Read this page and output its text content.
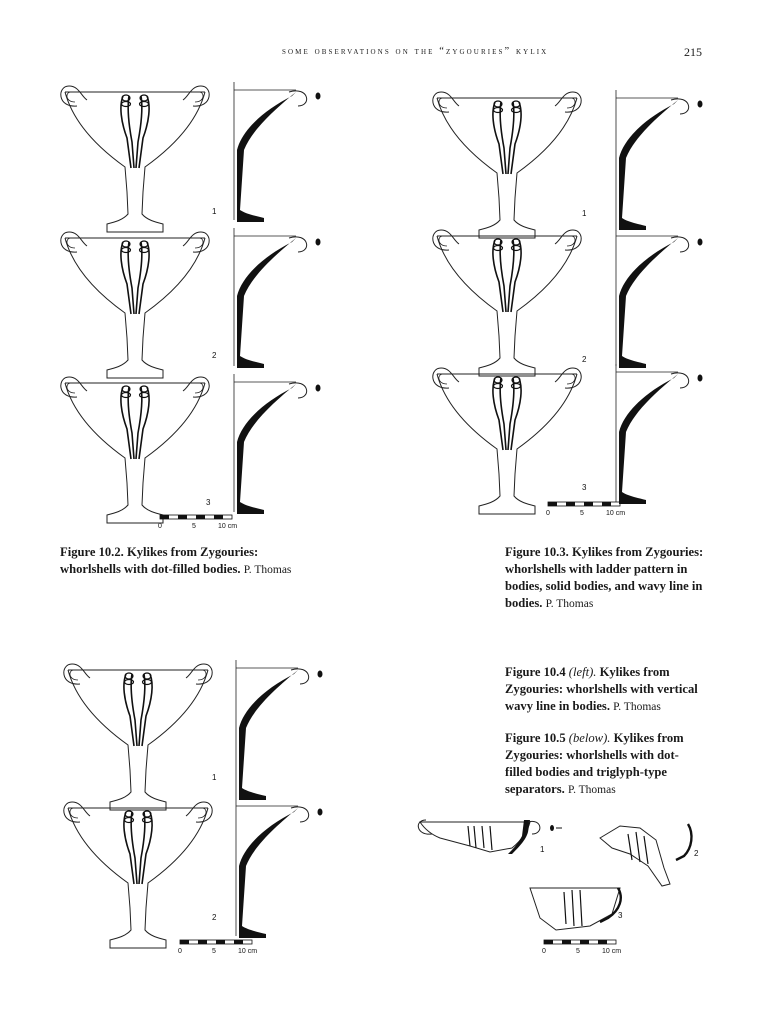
some observations on the “zygouries” kylix	215
1
2
3
0	5	10 cm
1
2
3
0	5	10 cm
1
2
0	5	10 cm
1	2
3
0	5	10 cm
Figure 10.2. Kylikes from Zygouries: whorlshells with dot-filled bodies. P. Thomas
Figure 10.3. Kylikes from Zygouries: whorlshells with ladder pattern in bodies, solid bodies, and wavy line in bodies. P. Thomas
Figure 10.4 (left). Kylikes from Zygouries: whorlshells with vertical wavy line in bodies. P. Thomas
Figure 10.5 (below). Kylikes from Zygouries: whorlshells with dot-filled bodies and triglyph-type separators. P. Thomas
